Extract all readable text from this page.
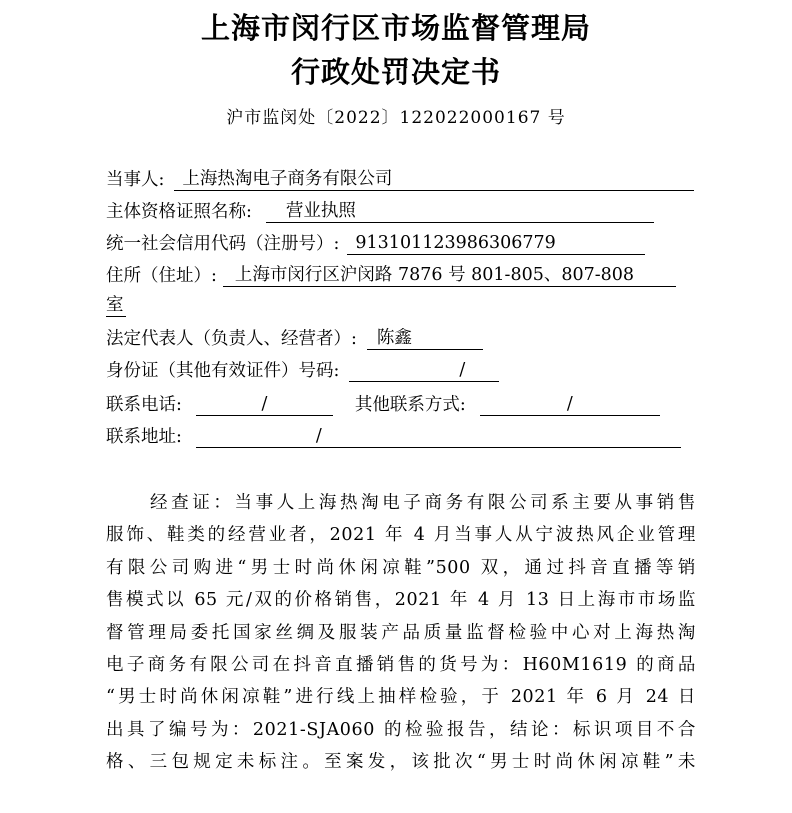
上海市闵行区市场监督管理局
行政处罚决定书
沪市监闵处〔2022〕122022000167 号
当事人:	上海热淘电子商务有限公司
主体资格证照名称:	营业执照
统一社会信用代码（注册号）: 913101123986306779
住所（住址）:	上海市闵行区沪闵路 7876 号 801-805、807-808
室
法定代表人（负责人、经营者）:	陈鑫
身份证（其他有效证件）号码:	/
联系电话:	/	其他联系方式:	/
联系地址:	/
经查证：当事人上海热淘电子商务有限公司系主要从事销售
服饰、鞋类的经营业者，2021 年 4 月当事人从宁波热风企业管理
有限公司购进“男士时尚休闲凉鞋”500 双，通过抖音直播等销
售模式以 65 元/双的价格销售，2021 年 4 月 13 日上海市市场监
督管理局委托国家丝绸及服装产品质量监督检验中心对上海热淘
电子商务有限公司在抖音直播销售的货号为：H60M1619 的商品
“男士时尚休闲凉鞋”进行线上抽样检验，于 2021 年 6 月 24 日
出具了编号为：2021-SJA060 的检验报告，结论：标识项目不合
格、三包规定未标注。至案发，该批次“男士时尚休闲凉鞋”未
